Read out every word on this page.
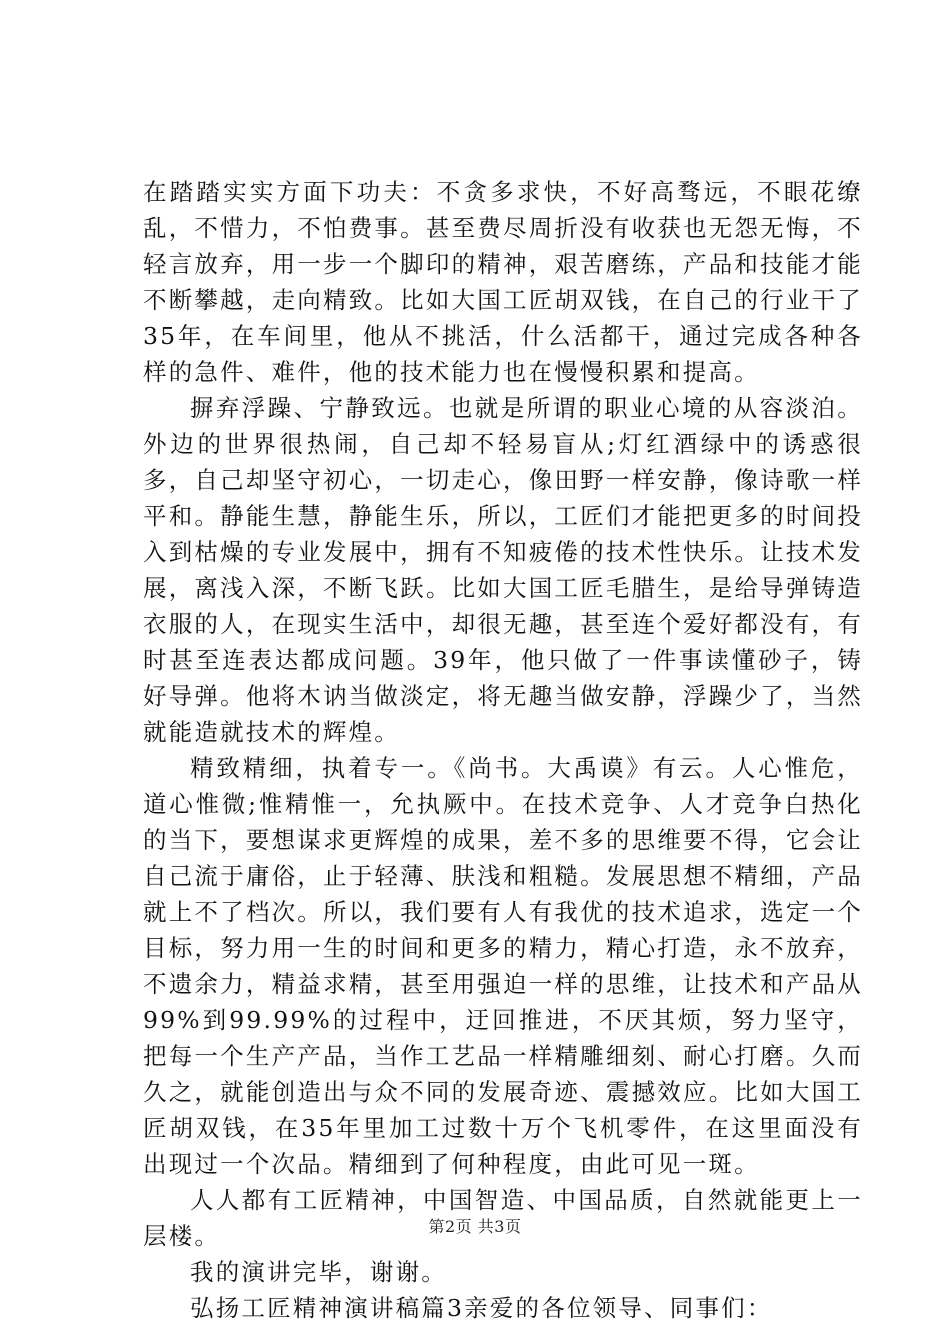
在踏踏实实方面下功夫：不贪多求快，不好高骛远，不眼花缭乱，不惜力，不怕费事。甚至费尽周折没有收获也无怨无悔，不轻言放弃，用一步一个脚印的精神，艰苦磨练，产品和技能才能不断攀越，走向精致。比如大国工匠胡双钱，在自己的行业干了35年，在车间里，他从不挑活，什么活都干，通过完成各种各样的急件、难件，他的技术能力也在慢慢积累和提高。

摒弃浮躁、宁静致远。也就是所谓的职业心境的从容淡泊。外边的世界很热闹，自己却不轻易盲从;灯红酒绿中的诱惑很多，自己却坚守初心，一切走心，像田野一样安静，像诗歌一样平和。静能生慧，静能生乐，所以，工匠们才能把更多的时间投入到枯燥的专业发展中，拥有不知疲倦的技术性快乐。让技术发展，离浅入深，不断飞跃。比如大国工匠毛腊生，是给导弹铸造衣服的人，在现实生活中，却很无趣，甚至连个爱好都没有，有时甚至连表达都成问题。39年，他只做了一件事读懂砂子，铸好导弹。他将木讷当做淡定，将无趣当做安静，浮躁少了，当然就能造就技术的辉煌。

精致精细，执着专一。《尚书。大禹谟》有云。人心惟危，道心惟微;惟精惟一，允执厥中。在技术竞争、人才竞争白热化的当下，要想谋求更辉煌的成果，差不多的思维要不得，它会让自己流于庸俗，止于轻薄、肤浅和粗糙。发展思想不精细，产品就上不了档次。所以，我们要有人有我优的技术追求，选定一个目标，努力用一生的时间和更多的精力，精心打造，永不放弃，不遗余力，精益求精，甚至用强迫一样的思维，让技术和产品从99%到99.99%的过程中，迂回推进，不厌其烦，努力坚守，把每一个生产产品，当作工艺品一样精雕细刻、耐心打磨。久而久之，就能创造出与众不同的发展奇迹、震撼效应。比如大国工匠胡双钱，在35年里加工过数十万个飞机零件，在这里面没有出现过一个次品。精细到了何种程度，由此可见一斑。

人人都有工匠精神，中国智造、中国品质，自然就能更上一层楼。

我的演讲完毕，谢谢。

弘扬工匠精神演讲稿篇3亲爱的各位领导、同事们：

第2页 共3页
